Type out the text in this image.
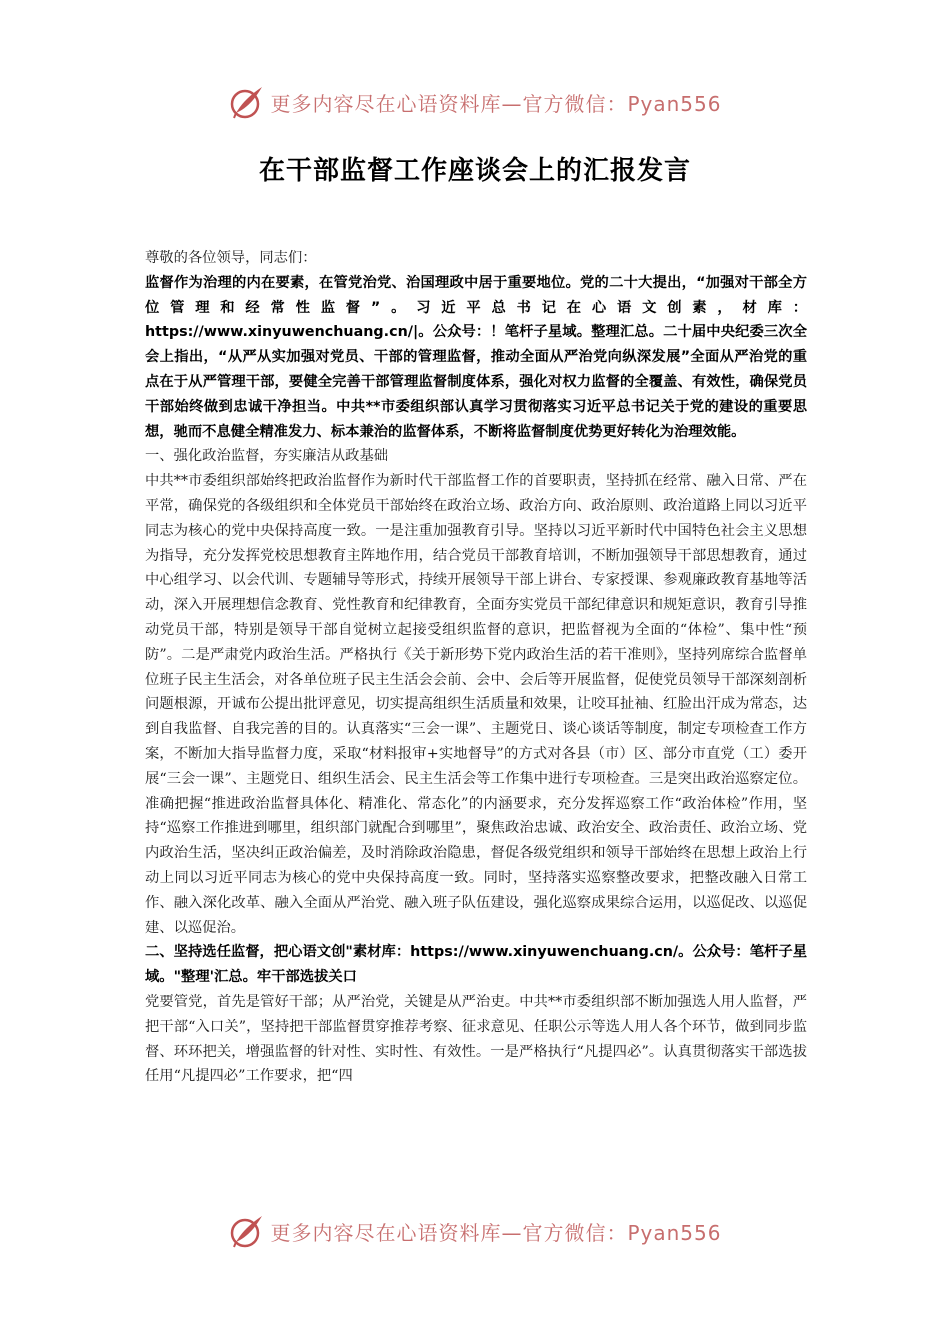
更多内容尽在心语资料库—官方微信：Pyan556
在干部监督工作座谈会上的汇报发言

尊敬的各位领导，同志们：

监督作为治理的内在要素，在管党治党、治国理政中居于重要地位。党的二十大提出，“加强对干部全方位管理和经常性监督”。习近平总书记在心语文创素，材库：https://www.xinyuwenchuang.cn/|。公众号：！笔杆子星域。整理汇总。二十届中央纪委三次全会上指出，“从严从实加强对党员、干部的管理监督，推动全面从严治党向纵深发展”全面从严治党的重点在于从严管理干部，要健全完善干部管理监督制度体系，强化对权力监督的全覆盖、有效性，确保党员干部始终做到忠诚干净担当。中共**市委组织部认真学习贯彻落实习近平总书记关于党的建设的重要思想，驰而不息健全精准发力、标本兼治的监督体系，不断将监督制度优势更好转化为治理效能。

一、强化政治监督，夯实廉洁从政基础

中共**市委组织部始终把政治监督作为新时代干部监督工作的首要职责，坚持抓在经常、融入日常、严在平常，确保党的各级组织和全体党员干部始终在政治立场、政治方向、政治原则、政治道路上同以习近平同志为核心的党中央保持高度一致。一是注重加强教育引导。坚持以习近平新时代中国特色社会主义思想为指导，充分发挥党校思想教育主阵地作用，结合党员干部教育培训，不断加强领导干部思想教育，通过中心组学习、以会代训、专题辅导等形式，持续开展领导干部上讲台、专家授课、参观廉政教育基地等活动，深入开展理想信念教育、党性教育和纪律教育，全面夯实党员干部纪律意识和规矩意识，教育引导推动党员干部，特别是领导干部自觉树立起接受组织监督的意识，把监督视为全面的“体检”、集中性“预防”。二是严肃党内政治生活。严格执行《关于新形势下党内政治生活的若干准则》，坚持列席综合监督单位班子民主生活会，对各单位班子民主生活会会前、会中、会后等开展监督，促使党员领导干部深刻剖析问题根源，开诚布公提出批评意见，切实提高组织生活质量和效果，让咬耳扯袖、红脸出汗成为常态，达到自我监督、自我完善的目的。认真落实“三会一课”、主题党日、谈心谈话等制度，制定专项检查工作方案，不断加大指导监督力度，采取“材料报审+实地督导”的方式对各县（市）区、部分市直党（工）委开展“三会一课”、主题党日、组织生活会、民主生活会等工作集中进行专项检查。三是突出政治巡察定位。准确把握“推进政治监督具体化、精准化、常态化”的内涵要求，充分发挥巡察工作“政治体检”作用，坚持“巡察工作推进到哪里，组织部门就配合到哪里”，聚焦政治忠诚、政治安全、政治责任、政治立场、党内政治生活，坚决纠正政治偏差，及时消除政治隐患，督促各级党组织和领导干部始终在思想上政治上行动上同以习近平同志为核心的党中央保持高度一致。同时，坚持落实巡察整改要求，把整改融入日常工作、融入深化改革、融入全面从严治党、融入班子队伍建设，强化巡察成果综合运用，以巡促改、以巡促建、以巡促治。

二、坚持选任监督，把心语文创"素材库：https://www.xinyuwenchuang.cn/。公众号：笔杆子星域。"整理'汇总。牢干部选拔关口

党要管党，首先是管好干部；从严治党，关键是从严治吏。中共**市委组织部不断加强选人用人监督，严把干部“入口关”，坚持把干部监督贯穿推荐考察、征求意见、任职公示等选人用人各个环节，做到同步监督、环环把关，增强监督的针对性、实时性、有效性。一是严格执行“凡提四必”。认真贯彻落实干部选拔任用“凡提四必”工作要求，把“四

更多内容尽在心语资料库—官方微信：Pyan556
